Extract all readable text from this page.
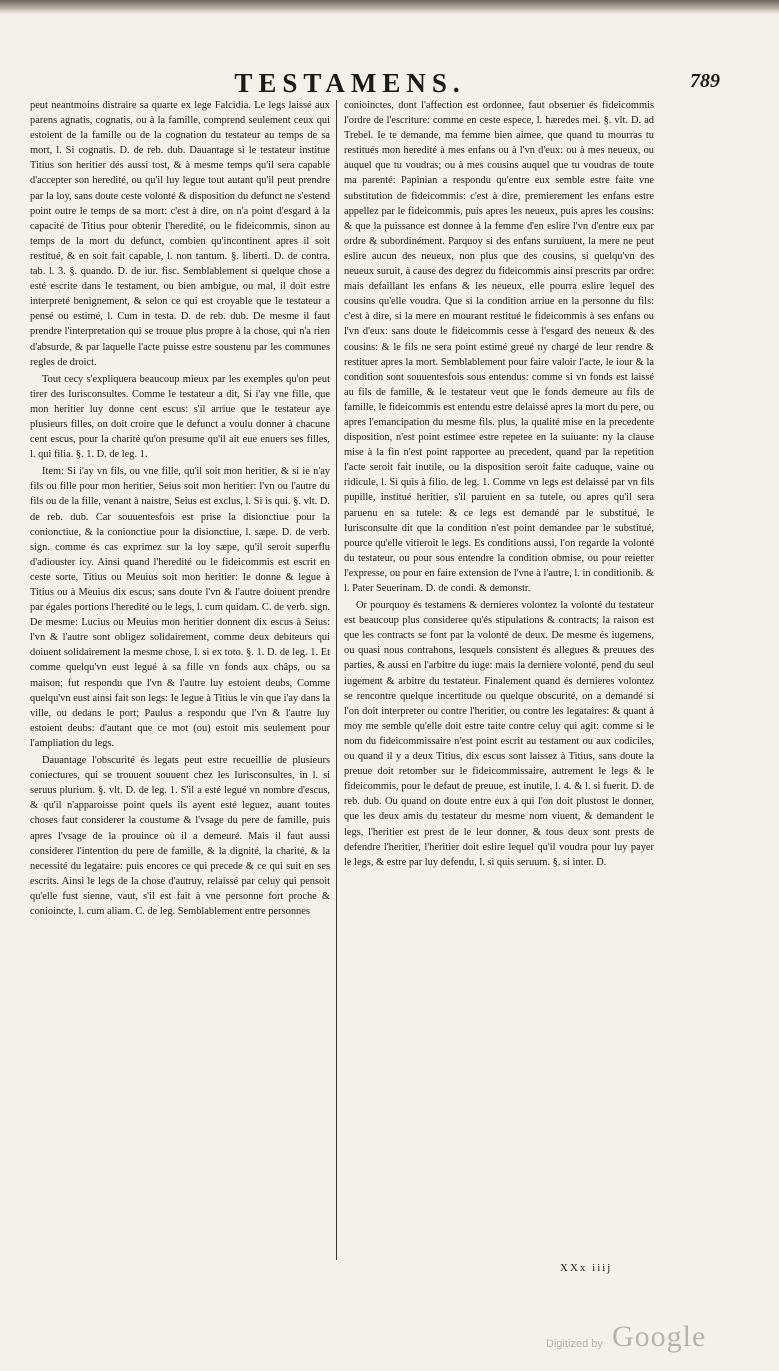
TESTAMENS.	789

peut neantmoins distraire sa quarte ex lege Falcidia. Le legs laissé aux parens agnatis, cognatis, ou à la famille, comprend seulement ceux qui estoient de la famille ou de la cognation du testateur au temps de sa mort, l. Si cognatis. D. de reb. dub. Dauantage si le testateur institue Titius son heritier dés aussi tost, & à mesme temps qu'il sera capable d'accepter son heredité, ou qu'il luy legue tout autant qu'il peut prendre par la loy, sans doute ceste volonté & disposition du defunct ne s'estend point outre le temps de sa mort: c'est à dire, on n'a point d'esgard à la capacité de Titius pour obtenir l'heredité, ou le fideicommis, sinon au temps de la mort du defunct, combien qu'incontinent apres il soit restitué, & en soit fait capable, l. non tantum. §. liberti. D. de contra. tab. l. 3. §. quando. D. de iur. fisc. Semblablement si quelque chose a esté escrite dans le testament, ou bien ambigue, ou mal, il doit estre interpreté benignement, & selon ce qui est croyable que le testateur a pensé ou estimé, l. Cum in testa. D. de reb. dub. De mesme il faut prendre l'interpretation qui se trouue plus propre à la chose, qui n'a rien d'absurde, & par laquelle l'acte puisse estre soustenu par les communes regles de droict.

Tout cecy s'expliquera beaucoup mieux par les exemples qu'on peut tirer des Iurisconsultes. Comme le testateur a dit, Si i'ay vne fille, que mon heritier luy donne cent escus: s'il arriue que le testateur aye plusieurs filles, on doit croire que le defunct a voulu donner à chacune cent escus, pour la charité qu'on presume qu'il ait eue enuers ses filles, l. qui filia. §. 1. D. de leg. 1.

Item: Si i'ay vn fils, ou vne fille, qu'il soit mon heritier, & si ie n'ay fils ou fille pour mon heritier, Seius soit mon heritier: l'vn ou l'autre du fils ou de la fille, venant à naistre, Seius est exclus, l. Si is qui. §. vlt. D. de reb. dub. Car souuentesfois est prise la disionctiue pour la conionctiue, & la conionctiue pour la disionctiue, l. sæpe. D. de verb. sign. comme és cas exprimez sur la loy sæpe, qu'il seroit superflu d'adiouster icy. Ainsi quand l'heredité ou le fideicommis est escrit en ceste sorte, Titius ou Meuius soit mon heritier: Ie donne & legue à Titius ou à Meuius dix escus; sans doute l'vn & l'autre doiuent prendre par égales portions l'heredité ou le legs, l. cum quidam. C. de verb. sign. De mesme: Lucius ou Meuius mon heritier donnent dix escus à Seius: l'vn & l'autre sont obligez solidairement, comme deux debiteurs qui doiuent solidairement la mesme chose, l. si ex toto. §. 1. D. de leg. 1. Et comme quelqu'vn eust legué à sa fille vn fonds aux châps, ou sa maison; fut respondu que l'vn & l'autre luy estoient deubs, Comme quelqu'vn eust ainsi fait son legs: Ie legue à Titius le vin que i'ay dans la ville, ou dedans le port; Paulus a respondu que l'vn & l'autre luy estoient deubs: d'autant que ce mot (ou) estoit mis seulement pour l'ampliation du legs.

Dauantage l'obscurité és legats peut estre recueillie de plusieurs coniectures, qui se trouuent souuent chez les Iurisconsultes, in l. si seruus plurium. §. vlt. D. de leg. 1. S'il a esté legué vn nombre d'escus, & qu'il n'apparoisse point quels ils ayent esté leguez, auant toutes choses faut considerer la coustume & l'vsage du pere de famille, puis apres l'vsage de la prouince où il a demeuré. Mais il faut aussi considerer l'intention du pere de famille, & la dignité, la charité, & la necessité du legataire: puis encores ce qui precede & ce qui suit en ses escrits. Ainsi le legs de la chose d'autruy, relaissé par celuy qui pensoit qu'elle fust sienne, vaut, s'il est fait à vne personne fort proche & conioincte, l. cum aliam. C. de leg. Semblablement entre personnes

conioinctes, dont l'affection est ordonnee, faut obseruer és fideicommis l'ordre de l'escriture: comme en ceste espece, l. hæredes mei. §. vlt. D. ad Trebel. Ie te demande, ma femme bien aimee, que quand tu mourras tu restitués mon heredité à mes enfans ou à l'vn d'eux: ou à mes neueux, ou auquel que tu voudras; ou à mes cousins auquel que tu voudras de toute ma parenté: Papinian a respondu qu'entre eux semble estre faite vne substitution de fideicommis: c'est à dire, premierement les enfans estre appellez par le fideicommis, puis apres les neueux, puis apres les cousins: & que la puissance est donnee à la femme d'en eslire l'vn d'entre eux par ordre & subordinément. Parquoy si des enfans suruiuent, la mere ne peut eslire aucun des neueux, non plus que des cousins, si quelqu'vn des neueux suruit, à cause des degrez du fideicommis ainsi prescrits par ordre: mais defaillant les enfans & les neueux, elle pourra eslire lequel des cousins qu'elle voudra. Que si la condition arriue en la personne du fils: c'est à dire, si la mere en mourant restitué le fideicommis à ses enfans ou l'vn d'eux: sans doute le fideicommis cesse à l'esgard des neueux & des cousins: & le fils ne sera point estimé greué ny chargé de leur rendre & restituer apres la mort. Semblablement pour faire valoir l'acte, le iour & la condition sont souuentesfois sous entendus: comme si vn fonds est laissé au fils de famille, & le testateur veut que le fonds demeure au fils de famille, le fideicommis est entendu estre delaissé apres la mort du pere, ou apres l'emancipation du mesme fils. plus, la qualité mise en la precedente disposition, n'est point estimee estre repetee en la suiuante: ny la clause mise à la fin n'est point rapportee au precedent, quand par la repetition l'acte seroit fait inutile, ou la disposition seroit faite caduque, vaine ou ridicule, l. Si quis à filio. de leg. 1. Comme vn legs est delaissé par vn fils pupille, institué heritier, s'il paruient en sa tutele, ou apres qu'il sera paruenu en sa tutele: & ce legs est demandé par le substitué, le Iurisconsulte dit que la condition n'est point demandee par le substitué, pource qu'elle vitieroit le legs. Es conditions aussi, l'on regarde la volonté du testateur, ou pour sous entendre la condition obmise, ou pour reietter l'expresse, ou pour en faire extension de l'vne à l'autre, l. in conditionib. & l. Pater Seuerinam. D. de condi. & demonstr.

Or pourquoy és testamens & dernieres volontez la volonté du testateur est beaucoup plus consideree qu'és stipulations & contracts; la raison est que les contracts se font par la volonté de deux. De mesme és iugemens, ou quasi nous contrahons, lesquels consistent és allegues & preuues des parties, & aussi en l'arbitre du iuge: mais la derniere volonté, pend du seul iugement & arbitre du testateur. Finalement quand és dernieres volontez se rencontre quelque incertitude ou quelque obscurité, on a demandé si l'on doit interpreter ou contre l'heritier, ou contre les legataires: & quant à moy me semble qu'elle doit estre taite contre celuy qui agit: comme si le nom du fideicommissaire n'est point escrit au testament ou aux codiciles, ou quand il y a deux Titius, dix escus sont laissez à Titius, sans doute la preuue doit retomber sur le fideicommissaire, autrement le legs & le fideicommis, pour le defaut de preuue, est inutile, l. 4. & l. si fuerit. D. de reb. dub. Ou quand on doute entre eux à qui l'on doit plustost le donner, que les deux amis du testateur du mesme nom viuent, & demandent le legs, l'heritier est prest de le leur donner, & tous deux sont prests de defendre l'heritier, l'heritier doit eslire lequel qu'il voudra pour luy payer le legs, & estre par luy defendu, l. si quis seruum. §. si inter. D.

XXx iiij
Digitized by Google
